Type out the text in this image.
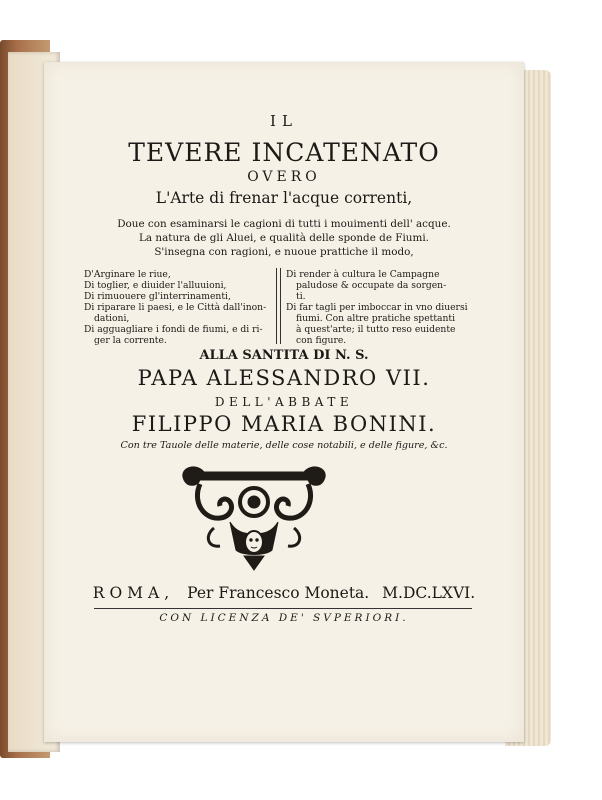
IL
TEVERE INCATENATO
OVERO
L'Arte di frenar l'acque correnti,
Doue con esaminarsi le cagioni di tutti i mouimenti dell' acque.
La natura de gli Aluei, e qualità delle sponde de Fiumi.
S'insegna con ragioni, e nuoue prattiche il modo,
D'Arginare le riue,
Di toglier, e diuider l'alluuioni,
Di rimuouere gl'interrinamenti,
Di riparare li paesi, e le Città dall'inon-
dationi,
Di agguagliare i fondi de fiumi, e di ri-
ger la corrente.
Di render à cultura le Campagne
paludose & occupate da sorgen-
ti.
Di far tagli per imboccar in vno diuersi
fiumi. Con altre pratiche spettanti
à quest'arte; il tutto reso euidente
con figure.
ALLA SANTITA DI N. S.
PAPA ALESSANDRO VII.
DELL'ABBATE
FILIPPO MARIA BONINI.
Con tre Tauole delle materie, delle cose notabili, e delle figure, &c.
ROMA, Per Francesco Moneta. M.DC.LXVI.
CON LICENZA DE' SVPERIORI.
